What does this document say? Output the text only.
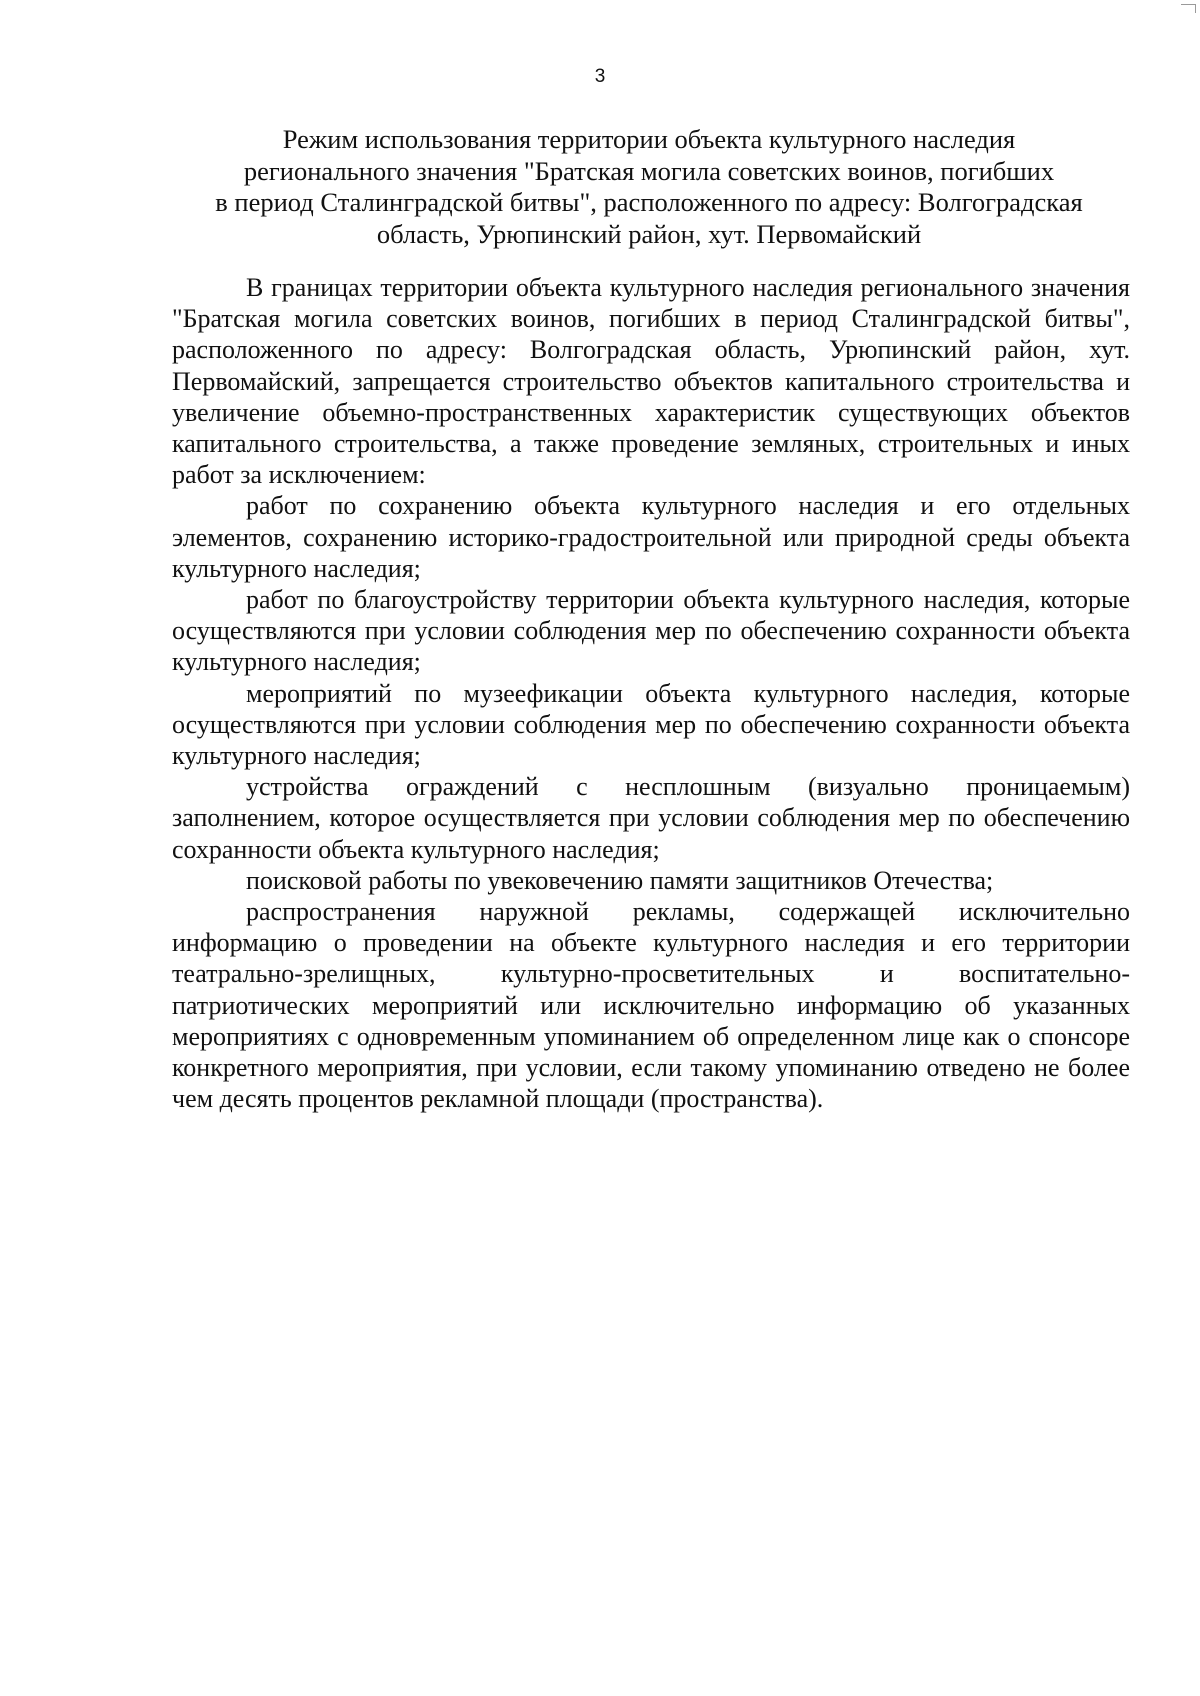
3
Режим использования территории объекта культурного наследия
регионального значения "Братская могила советских воинов, погибших
в период Сталинградской битвы", расположенного по адресу: Волгоградская
область, Урюпинский район, хут. Первомайский

В границах территории объекта культурного наследия регионального значения "Братская могила советских воинов, погибших в период Сталинградской битвы", расположенного по адресу: Волгоградская область, Урюпинский район, хут. Первомайский, запрещается строительство объектов капитального строительства и увеличение объемно-пространственных характеристик существующих объектов капитального строительства, а также проведение земляных, строительных и иных работ за исключением:

работ по сохранению объекта культурного наследия и его отдельных элементов, сохранению историко-градостроительной или природной среды объекта культурного наследия;

работ по благоустройству территории объекта культурного наследия, которые осуществляются при условии соблюдения мер по обеспечению сохранности объекта культурного наследия;

мероприятий по музеефикации объекта культурного наследия, которые осуществляются при условии соблюдения мер по обеспечению сохранности объекта культурного наследия;

устройства ограждений с несплошным (визуально проницаемым) заполнением, которое осуществляется при условии соблюдения мер по обеспечению сохранности объекта культурного наследия;

поисковой работы по увековечению памяти защитников Отечества;

распространения наружной рекламы, содержащей исключительно информацию о проведении на объекте культурного наследия и его территории театрально-зрелищных, культурно-просветительных и воспитательно-патриотических мероприятий или исключительно информацию об указанных мероприятиях с одновременным упоминанием об определенном лице как о спонсоре конкретного мероприятия, при условии, если такому упоминанию отведено не более чем десять процентов рекламной площади (пространства).
